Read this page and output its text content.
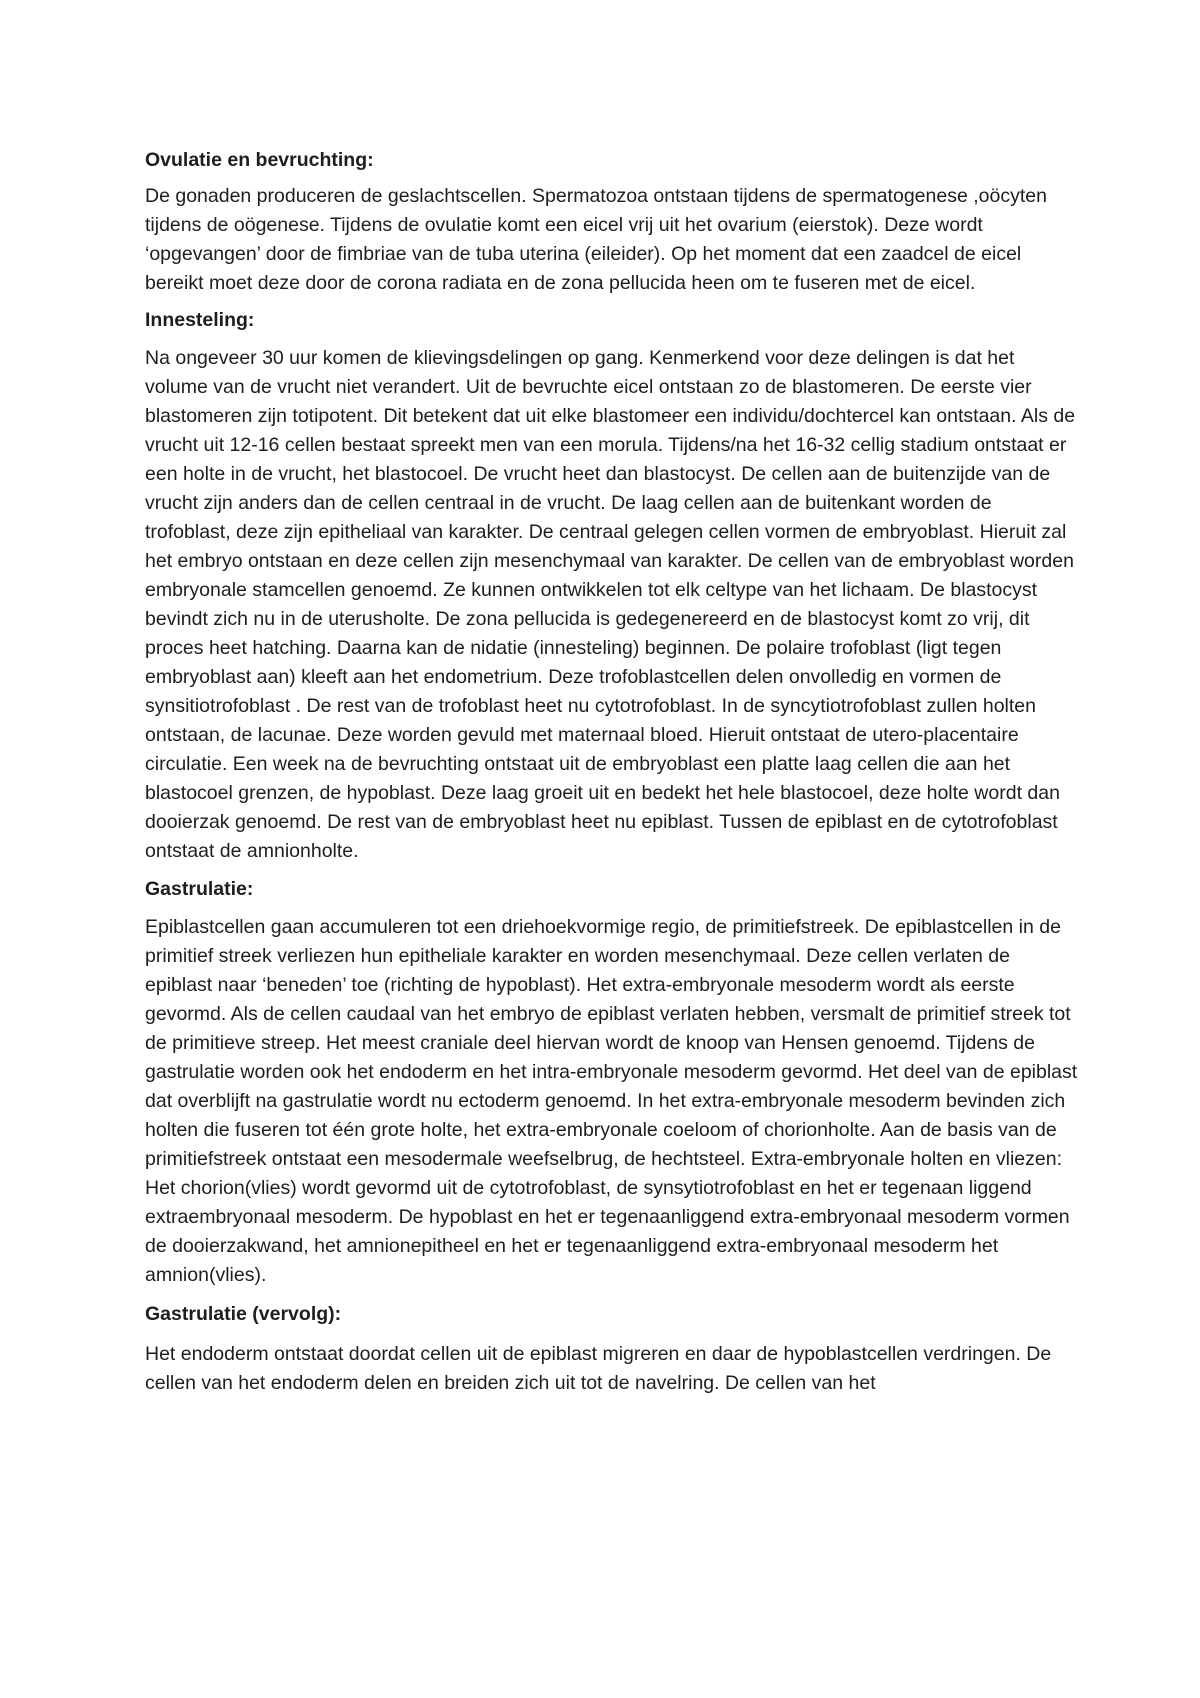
Ovulatie en bevruchting:

De gonaden produceren de geslachtscellen. Spermatozoa ontstaan tijdens de spermatogenese ,oöcyten tijdens de oögenese. Tijdens de ovulatie komt een eicel vrij uit het ovarium (eierstok). Deze wordt ‘opgevangen’ door de fimbriae van de tuba uterina (eileider). Op het moment dat een zaadcel de eicel bereikt moet deze door de corona radiata en de zona pellucida heen om te fuseren met de eicel.

Innesteling:

Na ongeveer 30 uur komen de klievingsdelingen op gang. Kenmerkend voor deze delingen is dat het volume van de vrucht niet verandert. Uit de bevruchte eicel ontstaan zo de blastomeren. De eerste vier blastomeren zijn totipotent. Dit betekent dat uit elke blastomeer een individu/dochtercel kan ontstaan. Als de vrucht uit 12-16 cellen bestaat spreekt men van een morula. Tijdens/na het 16-32 cellig stadium ontstaat er een holte in de vrucht, het blastocoel. De vrucht heet dan blastocyst. De cellen aan de buitenzijde van de vrucht zijn anders dan de cellen centraal in de vrucht. De laag cellen aan de buitenkant worden de trofoblast, deze zijn epitheliaal van karakter. De centraal gelegen cellen vormen de embryoblast. Hieruit zal het embryo ontstaan en deze cellen zijn mesenchymaal van karakter. De cellen van de embryoblast worden embryonale stamcellen genoemd. Ze kunnen ontwikkelen tot elk celtype van het lichaam. De blastocyst bevindt zich nu in de uterusholte. De zona pellucida is gedegenereerd en de blastocyst komt zo vrij, dit proces heet hatching. Daarna kan de nidatie (innesteling) beginnen. De polaire trofoblast (ligt tegen embryoblast aan) kleeft aan het endometrium. Deze trofoblastcellen delen onvolledig en vormen de synsitiotrofoblast . De rest van de trofoblast heet nu cytotrofoblast. In de syncytiotrofoblast zullen holten ontstaan, de lacunae. Deze worden gevuld met maternaal bloed. Hieruit ontstaat de utero-placentaire circulatie. Een week na de bevruchting ontstaat uit de embryoblast een platte laag cellen die aan het blastocoel grenzen, de hypoblast. Deze laag groeit uit en bedekt het hele blastocoel, deze holte wordt dan dooierzak genoemd. De rest van de embryoblast heet nu epiblast. Tussen de epiblast en de cytotrofoblast ontstaat de amnionholte.

Gastrulatie:

Epiblastcellen gaan accumuleren tot een driehoekvormige regio, de primitiefstreek. De epiblastcellen in de primitief streek verliezen hun epitheliale karakter en worden mesenchymaal. Deze cellen verlaten de epiblast naar ‘beneden’ toe (richting de hypoblast). Het extra-embryonale mesoderm wordt als eerste gevormd. Als de cellen caudaal van het embryo de epiblast verlaten hebben, versmalt de primitief streek tot de primitieve streep. Het meest craniale deel hiervan wordt de knoop van Hensen genoemd. Tijdens de gastrulatie worden ook het endoderm en het intra-embryonale mesoderm gevormd. Het deel van de epiblast dat overblijft na gastrulatie wordt nu ectoderm genoemd. In het extra-embryonale mesoderm bevinden zich holten die fuseren tot één grote holte, het extra-embryonale coeloom of chorionholte. Aan de basis van de primitiefstreek ontstaat een mesodermale weefselbrug, de hechtsteel. Extra-embryonale holten en vliezen: Het chorion(vlies) wordt gevormd uit de cytotrofoblast, de synsytiotrofoblast en het er tegenaan liggend extraembryonaal mesoderm. De hypoblast en het er tegenaanliggend extra-embryonaal mesoderm vormen de dooierzakwand, het amnionepitheel en het er tegenaanliggend extra-embryonaal mesoderm het amnion(vlies).

Gastrulatie (vervolg):

Het endoderm ontstaat doordat cellen uit de epiblast migreren en daar de hypoblastcellen verdringen. De cellen van het endoderm delen en breiden zich uit tot de navelring. De cellen van het
